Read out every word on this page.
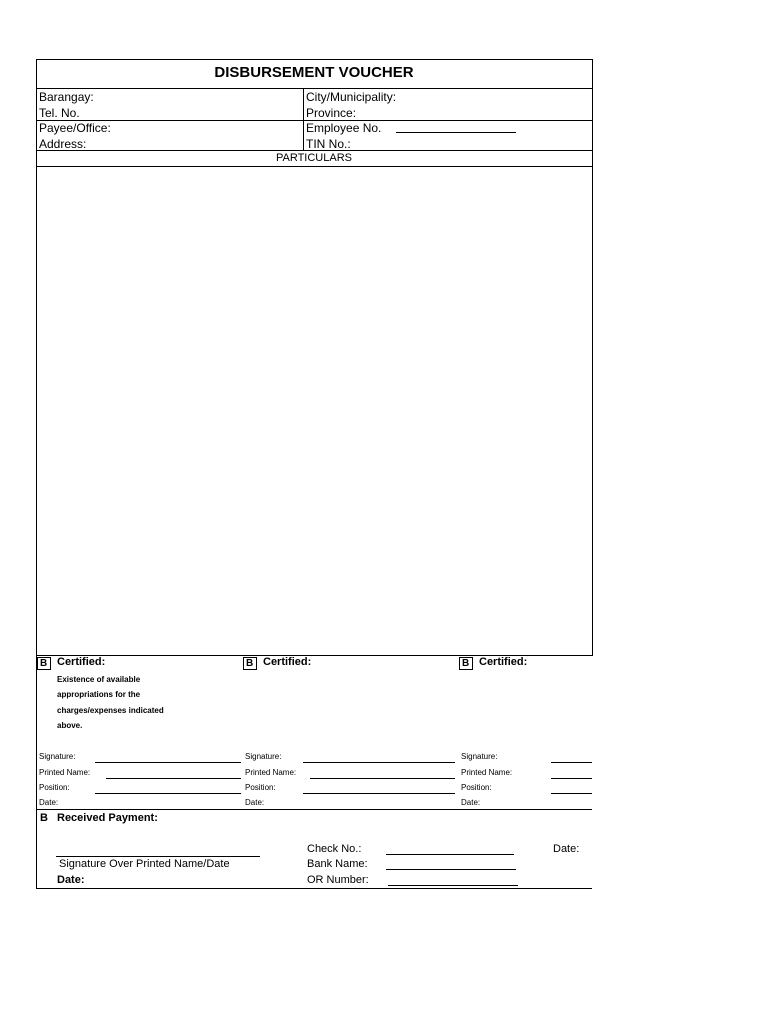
DISBURSEMENT VOUCHER
Barangay:
Tel. No.
City/Municipality:
Province:
Payee/Office:
Address:
Employee No.
TIN No.:
PARTICULARS
B Certified:
Existence of available
appropriations for the
charges/expenses indicated
above.
B Certified:	B Certified:
Signature:
Printed Name:
Position:
Date:
Signature:
Printed Name:
Position:
Date:
Signature:
Printed Name:
Position:
Date:
B Received Payment:
Signature Over Printed Name/Date
Date:
Check No.:
Bank Name:
OR Number:
Date:
